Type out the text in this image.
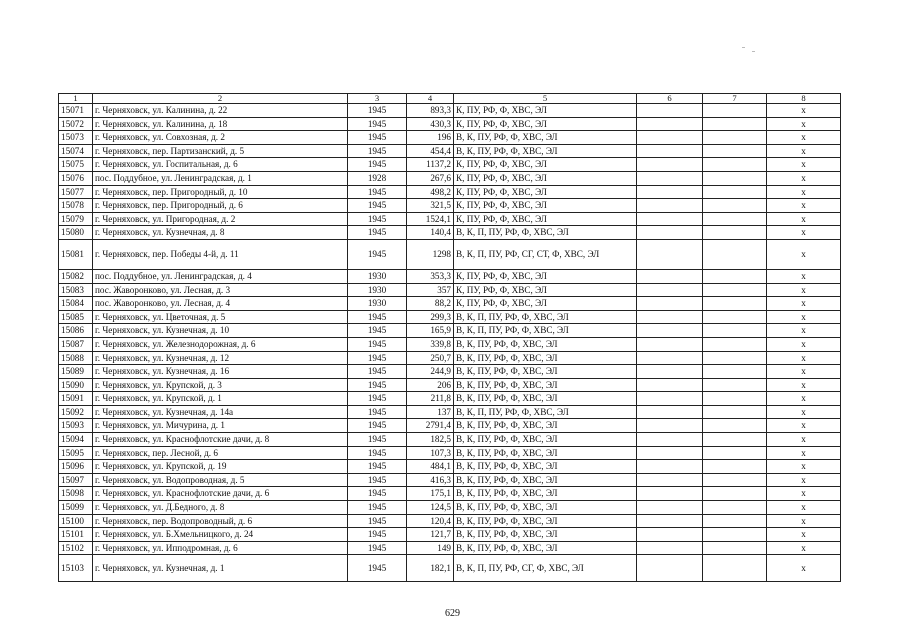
1	2	3	4	5	6	7	8
15071	г. Черняховск, ул. Калинина, д. 22	1945	893,3	К, ПУ, РФ, Ф, ХВС, ЭЛ			x
15072	г. Черняховск, ул. Калинина, д. 18	1945	430,3	К, ПУ, РФ, Ф, ХВС, ЭЛ			x
15073	г. Черняховск, ул. Совхозная, д. 2	1945	196	В, К, ПУ, РФ, Ф, ХВС, ЭЛ			x
15074	г. Черняховск, пер. Партизанский, д. 5	1945	454,4	В, К, ПУ, РФ, Ф, ХВС, ЭЛ			x
15075	г. Черняховск, ул. Госпитальная, д. 6	1945	1137,2	К, ПУ, РФ, Ф, ХВС, ЭЛ			x
15076	пос. Поддубное, ул. Ленинградская, д. 1	1928	267,6	К, ПУ, РФ, Ф, ХВС, ЭЛ			x
15077	г. Черняховск, пер. Пригородный, д. 10	1945	498,2	К, ПУ, РФ, Ф, ХВС, ЭЛ			x
15078	г. Черняховск, пер. Пригородный, д. 6	1945	321,5	К, ПУ, РФ, Ф, ХВС, ЭЛ			x
15079	г. Черняховск, ул. Пригородная, д. 2	1945	1524,1	К, ПУ, РФ, Ф, ХВС, ЭЛ			x
15080	г. Черняховск, ул. Кузнечная, д. 8	1945	140,4	В, К, П, ПУ, РФ, Ф, ХВС, ЭЛ			x
15081	г. Черняховск, пер. Победы 4-й, д. 11	1945	1298	В, К, П, ПУ, РФ, СГ, СТ, Ф, ХВС, ЭЛ			x
15082	пос. Поддубное, ул. Ленинградская, д. 4	1930	353,3	К, ПУ, РФ, Ф, ХВС, ЭЛ			x
15083	пос. Жаворонково, ул. Лесная, д. 3	1930	357	К, ПУ, РФ, Ф, ХВС, ЭЛ			x
15084	пос. Жаворонково, ул. Лесная, д. 4	1930	88,2	К, ПУ, РФ, Ф, ХВС, ЭЛ			x
15085	г. Черняховск, ул. Цветочная, д. 5	1945	299,3	В, К, П, ПУ, РФ, Ф, ХВС, ЭЛ			x
15086	г. Черняховск, ул. Кузнечная, д. 10	1945	165,9	В, К, П, ПУ, РФ, Ф, ХВС, ЭЛ			x
15087	г. Черняховск, ул. Железнодорожная, д. 6	1945	339,8	В, К, ПУ, РФ, Ф, ХВС, ЭЛ			x
15088	г. Черняховск, ул. Кузнечная, д. 12	1945	250,7	В, К, ПУ, РФ, Ф, ХВС, ЭЛ			x
15089	г. Черняховск, ул. Кузнечная, д. 16	1945	244,9	В, К, ПУ, РФ, Ф, ХВС, ЭЛ			x
15090	г. Черняховск, ул. Крупской, д. 3	1945	206	В, К, ПУ, РФ, Ф, ХВС, ЭЛ			x
15091	г. Черняховск, ул. Крупской, д. 1	1945	211,8	В, К, ПУ, РФ, Ф, ХВС, ЭЛ			x
15092	г. Черняховск, ул. Кузнечная, д. 14а	1945	137	В, К, П, ПУ, РФ, Ф, ХВС, ЭЛ			x
15093	г. Черняховск, ул. Мичурина, д. 1	1945	2791,4	В, К, ПУ, РФ, Ф, ХВС, ЭЛ			x
15094	г. Черняховск, ул. Краснофлотские дачи, д. 8	1945	182,5	В, К, ПУ, РФ, Ф, ХВС, ЭЛ			x
15095	г. Черняховск, пер. Лесной, д. 6	1945	107,3	В, К, ПУ, РФ, Ф, ХВС, ЭЛ			x
15096	г. Черняховск, ул. Крупской, д. 19	1945	484,1	В, К, ПУ, РФ, Ф, ХВС, ЭЛ			x
15097	г. Черняховск, ул. Водопроводная, д. 5	1945	416,3	В, К, ПУ, РФ, Ф, ХВС, ЭЛ			x
15098	г. Черняховск, ул. Краснофлотские дачи, д. 6	1945	175,1	В, К, ПУ, РФ, Ф, ХВС, ЭЛ			x
15099	г. Черняховск, ул. Д.Бедного, д. 8	1945	124,5	В, К, ПУ, РФ, Ф, ХВС, ЭЛ			x
15100	г. Черняховск, пер. Водопроводный, д. 6	1945	120,4	В, К, ПУ, РФ, Ф, ХВС, ЭЛ			x
15101	г. Черняховск, ул. Б.Хмельницкого, д. 24	1945	121,7	В, К, ПУ, РФ, Ф, ХВС, ЭЛ			x
15102	г. Черняховск, ул. Ипподромная, д. 6	1945	149	В, К, ПУ, РФ, Ф, ХВС, ЭЛ			x
15103	г. Черняховск, ул. Кузнечная, д. 1	1945	182,1	В, К, П, ПУ, РФ, СГ, Ф, ХВС, ЭЛ			x
629
